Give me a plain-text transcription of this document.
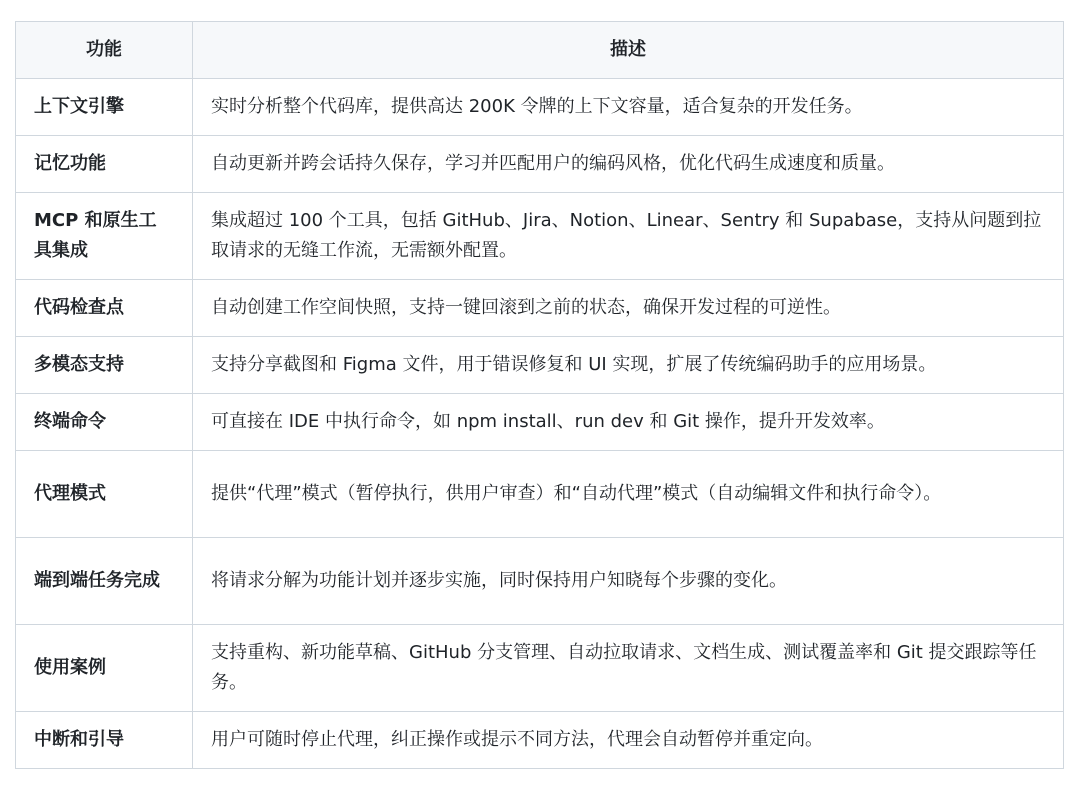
功能	描述
上下文引擎	实时分析整个代码库，提供高达 200K 令牌的上下文容量，适合复杂的开发任务。
记忆功能	自动更新并跨会话持久保存，学习并匹配用户的编码风格，优化代码生成速度和质量。
MCP 和原生工具集成	集成超过 100 个工具，包括 GitHub、Jira、Notion、Linear、Sentry 和 Supabase，支持从问题到拉取请求的无缝工作流，无需额外配置。
代码检查点	自动创建工作空间快照，支持一键回滚到之前的状态，确保开发过程的可逆性。
多模态支持	支持分享截图和 Figma 文件，用于错误修复和 UI 实现，扩展了传统编码助手的应用场景。
终端命令	可直接在 IDE 中执行命令，如 npm install、run dev 和 Git 操作，提升开发效率。
代理模式	提供“代理”模式（暂停执行，供用户审查）和“自动代理”模式（自动编辑文件和执行命令）。
端到端任务完成	将请求分解为功能计划并逐步实施，同时保持用户知晓每个步骤的变化。
使用案例	支持重构、新功能草稿、GitHub 分支管理、自动拉取请求、文档生成、测试覆盖率和 Git 提交跟踪等任务。
中断和引导	用户可随时停止代理，纠正操作或提示不同方法，代理会自动暂停并重定向。
